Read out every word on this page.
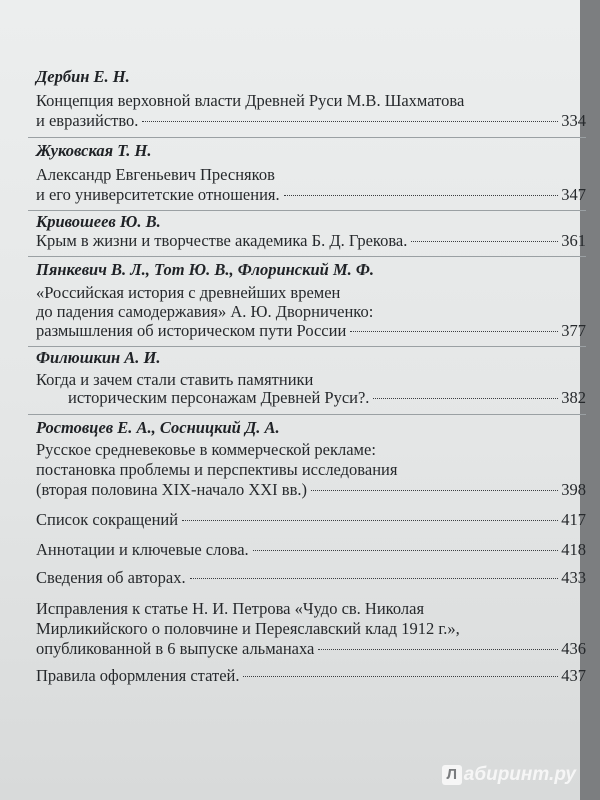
Дербин Е. Н.
Концепция верховной власти Древней Руси М.В. Шахматова
и евразийство.	334
Жуковская Т. Н.
Александр Евгеньевич Пресняков
и его университетские отношения.	347
Кривошеев Ю. В.
Крым в жизни и творчестве академика Б. Д. Грекова.	361
Пянкевич В. Л., Тот Ю. В., Флоринский М. Ф.
«Российская история с древнейших времен
до падения самодержавия» А. Ю. Дворниченко:
размышления об историческом пути России	377
Филюшкин А. И.
Когда и зачем стали ставить памятники
историческим персонажам Древней Руси?.	382
Ростовцев Е. А., Сосницкий Д. А.
Русское средневековье в коммерческой рекламе:
постановка проблемы и перспективы исследования
(вторая половина XIX-начало XXI вв.)	398
Список сокращений	417
Аннотации и ключевые слова.	418
Сведения об авторах.	433
Исправления к статье Н. И. Петрова «Чудо св. Николая
Мирликийского о половчине и Переяславский клад 1912 г.»,
опубликованной в 6 выпуске альманаха	436
Правила оформления статей.	437
Л абиринт.ру
